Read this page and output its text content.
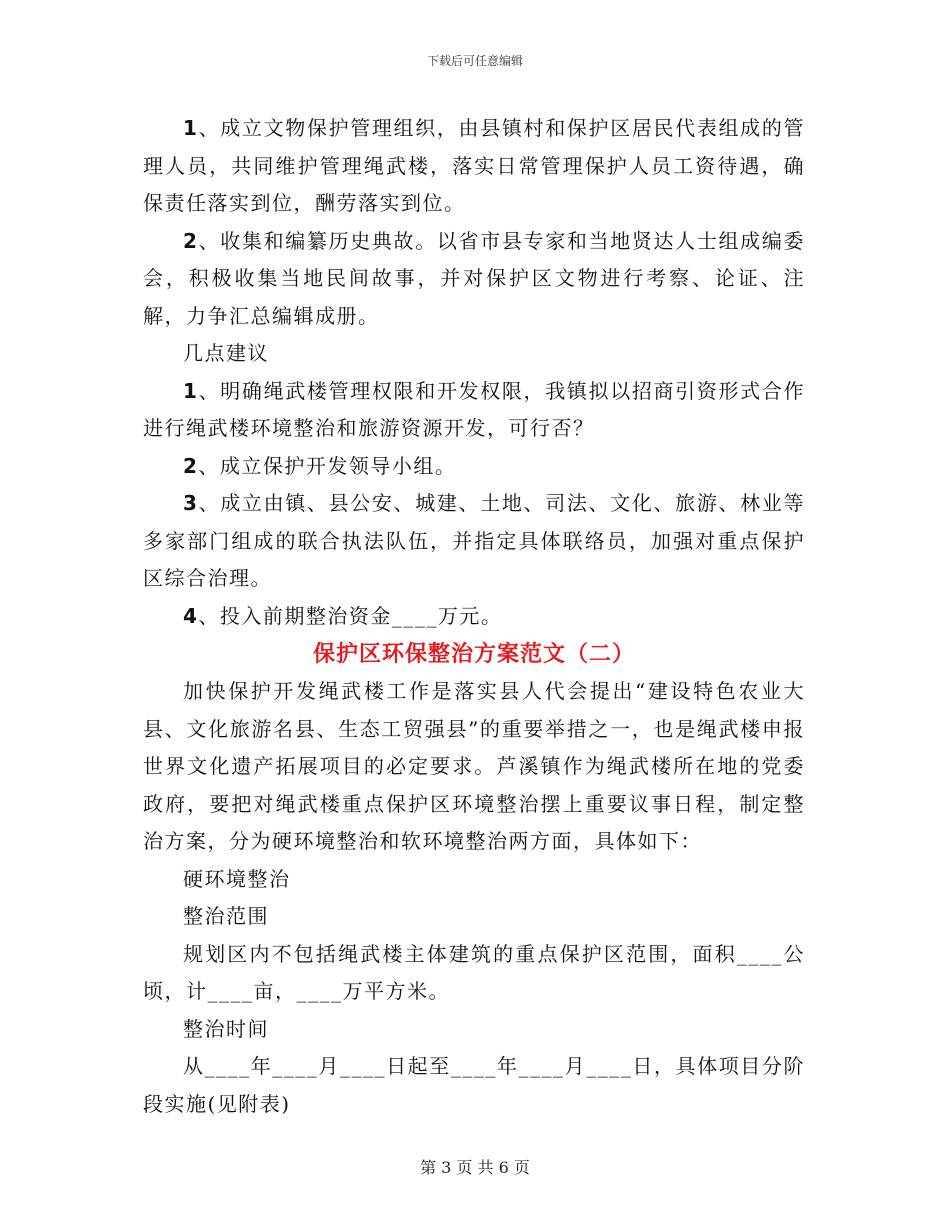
下载后可任意编辑

1、成立文物保护管理组织，由县镇村和保护区居民代表组成的管理人员，共同维护管理绳武楼，落实日常管理保护人员工资待遇，确保责任落实到位，酬劳落实到位。

2、收集和编纂历史典故。以省市县专家和当地贤达人士组成编委会，积极收集当地民间故事，并对保护区文物进行考察、论证、注解，力争汇总编辑成册。

几点建议

1、明确绳武楼管理权限和开发权限，我镇拟以招商引资形式合作进行绳武楼环境整治和旅游资源开发，可行否？

2、成立保护开发领导小组。

3、成立由镇、县公安、城建、土地、司法、文化、旅游、林业等多家部门组成的联合执法队伍，并指定具体联络员，加强对重点保护区综合治理。

4、投入前期整治资金____万元。

保护区环保整治方案范文（二）

加快保护开发绳武楼工作是落实县人代会提出“建设特色农业大县、文化旅游名县、生态工贸强县”的重要举措之一，也是绳武楼申报世界文化遗产拓展项目的必定要求。芦溪镇作为绳武楼所在地的党委政府，要把对绳武楼重点保护区环境整治摆上重要议事日程，制定整治方案，分为硬环境整治和软环境整治两方面，具体如下：

硬环境整治

整治范围

规划区内不包括绳武楼主体建筑的重点保护区范围，面积____公顷，计____亩，____万平方米。

整治时间

从____年____月____日起至____年____月____日，具体项目分阶段实施(见附表)

第 3 页 共 6 页
